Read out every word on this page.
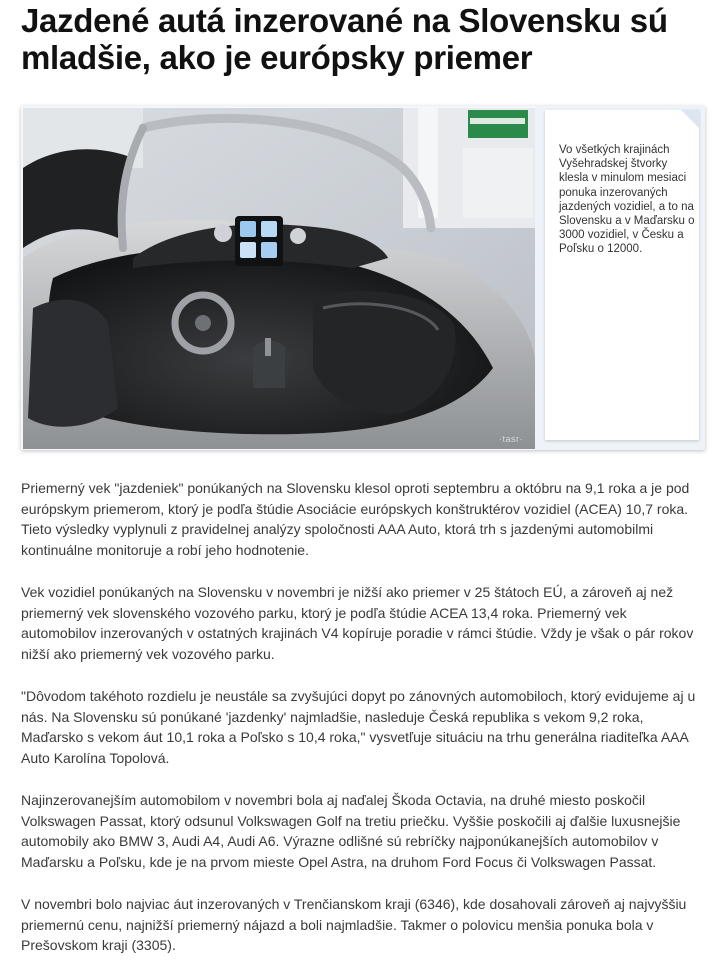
Jazdené autá inzerované na Slovensku sú mladšie, ako je európsky priemer
·tasr·

Vo všetkých krajinách Vyšehradskej štvorky klesla v minulom mesiaci ponuka inzerovaných jazdených vozidiel, a to na Slovensku a v Maďarsku o 3000 vozidiel, v Česku a Poľsku o 12000.

Priemerný vek "jazdeniek" ponúkaných na Slovensku klesol oproti septembru a októbru na 9,1 roka a je pod európskym priemerom, ktorý je podľa štúdie Asociácie európskych konštruktérov vozidiel (ACEA) 10,7 roka. Tieto výsledky vyplynuli z pravidelnej analýzy spoločnosti AAA Auto, ktorá trh s jazdenými automobilmi kontinuálne monitoruje a robí jeho hodnotenie.

Vek vozidiel ponúkaných na Slovensku v novembri je nižší ako priemer v 25 štátoch EÚ, a zároveň aj než priemerný vek slovenského vozového parku, ktorý je podľa štúdie ACEA 13,4 roka. Priemerný vek automobilov inzerovaných v ostatných krajinách V4 kopíruje poradie v rámci štúdie. Vždy je však o pár rokov nižší ako priemerný vek vozového parku.

"Dôvodom takéhoto rozdielu je neustále sa zvyšujúci dopyt po zánovných automobiloch, ktorý evidujeme aj u nás. Na Slovensku sú ponúkané 'jazdenky' najmladšie, nasleduje Česká republika s vekom 9,2 roka, Maďarsko s vekom áut 10,1 roka a Poľsko s 10,4 roka," vysvetľuje situáciu na trhu generálna riaditeľka AAA Auto Karolína Topolová.

Najinzerovanejším automobilom v novembri bola aj naďalej Škoda Octavia, na druhé miesto poskočil Volkswagen Passat, ktorý odsunul Volkswagen Golf na tretiu priečku. Vyššie poskočili aj ďalšie luxusnejšie automobily ako BMW 3, Audi A4, Audi A6. Výrazne odlišné sú rebríčky najponúkanejších automobilov v Maďarsku a Poľsku, kde je na prvom mieste Opel Astra, na druhom Ford Focus či Volkswagen Passat.

V novembri bolo najviac áut inzerovaných v Trenčianskom kraji (6346), kde dosahovali zároveň aj najvyššiu priemernú cenu, najnižší priemerný nájazd a boli najmladšie. Takmer o polovicu menšia ponuka bola v Prešovskom kraji (3305).
